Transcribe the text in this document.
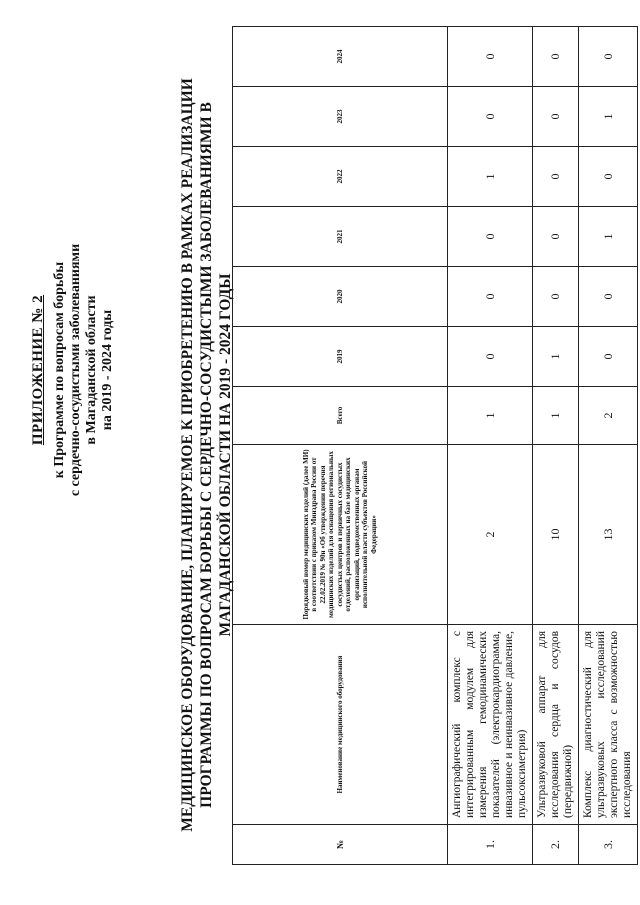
ПРИЛОЖЕНИЕ № 2 к Программе по вопросам борьбы с сердечно-сосудистыми заболеваниями в Магаданской области на 2019 - 2024 годы	МЕДИЦИНСКОЕ ОБОРУДОВАНИЕ, ПЛАНИРУЕМОЕ К ПРИОБРЕТЕНИЮ В РАМКАХ РЕАЛИЗАЦИИ ПРОГРАММЫ ПО ВОПРОСАМ БОРЬБЫ С СЕРДЕЧНО-СОСУДИСТЫМИ ЗАБОЛЕВАНИЯМИ В МАГАДАНСКОЙ ОБЛАСТИ НА 2019 - 2024 ГОДЫ
№	Наименование медицинского оборудования	Порядковый номер медицинских изделий (далее МИ) в соответствии с приказом Минздрава России от 22.02.2019 № 90н «Об утверждении перечня медицинских изделий для оснащения региональных сосудистых центров и первичных сосудистых отделений, расположенных на базе медицинских организаций, подведомственных органам исполнительной власти субъектов Российской Федерации»	Всего	2019	2020	2021	2022	2023	2024
1.	Ангиографический комплекс с интегрированным модулем для измерения гемодинамических показателей (электрокардиограмма, инвазивное и неинвазивное давление, пульсоксиметрия)	2	1	0	0	0	1	0	0
2.	Ультразвуковой аппарат для исследования сердца и сосудов (передвижной)	10	1	1	0	0	0	0	0
3.	Комплекс диагностический для ультразвуковых исследований экспертного класса с возможностью исследования	13	2	0	0	1	0	1	0
